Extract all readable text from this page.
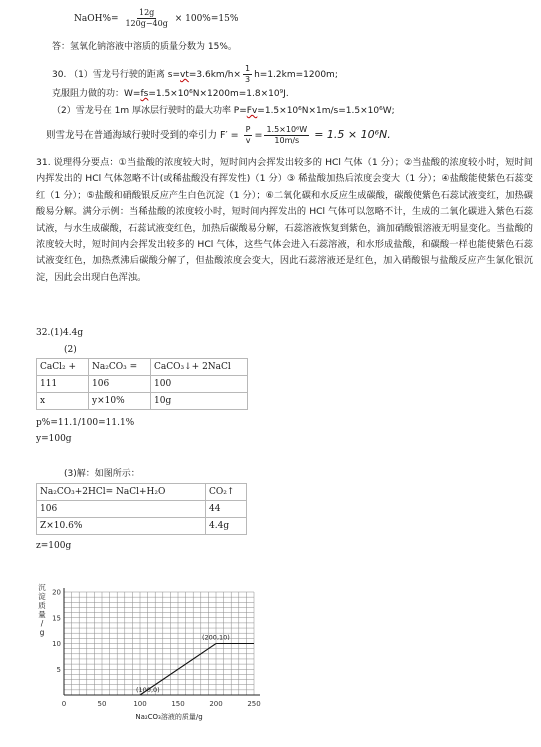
NaOH%= $\frac{12g}{120g-40g} \times 100\%=15\%$
答：氢氧化钠溶液中溶质的质量分数为 15%。
30. （1）雪龙号行驶的距离 $s=vt=3.6km/h\times \frac{1}{3} h=1.2km=1200m$;
克服阻力做的功：W=fs=1.5×10⁶N×1200m=1.8×10⁹J.
（2）雪龙号在 1m 厚冰层行驶时的最大功率 P=Fv=1.5×10⁶N×1m/s=1.5×10⁶W;
则雪龙号在普通海域行驶时受到的牵引力 $F' = \frac{P}{v} = \frac{\text{1.5×10⁶W}}{10m/s} = 1.5 \times 10^6N$.
31. 说理得分要点：①当盐酸的浓度较大时，短时间内会挥发出较多的 HCl 气体（1 分）；②当盐酸的浓度较小时，短时间内挥发出的 HCl 气体忽略不计(或稀盐酸没有挥发性)（1 分）③ 稀盐酸加热后浓度会变大（1 分）；④盐酸能使紫色石蕊变红（1 分）；⑤盐酸和硝酸银反应产生白色沉淀（1 分）；⑥二氧化碳和水反应生成碳酸，碳酸使紫色石蕊试液变红，加热碳酸易分解。满分示例：当稀盐酸的浓度较小时，短时间内挥发出的 HCl 气体可以忽略不计，生成的二氧化碳进入紫色石蕊试液，与水生成碳酸，石蕊试液变红色，加热后碳酸易分解，石蕊溶液恢复到紫色，滴加硝酸银溶液无明显变化。当盐酸的浓度较大时，短时间内会挥发出较多的 HCl 气体，这些气体会进入石蕊溶液，和水形成盐酸，和碳酸一样也能使紫色石蕊试液变红色，加热煮沸后碳酸分解了，但盐酸浓度会变大，因此石蕊溶液还是红色，加入硝酸银与盐酸反应产生氯化银沉淀，因此会出现白色浑浊。
32.(1)4.4g
(2)
CaCl₂ +	Na₂CO₃ =	CaCO₃↓+ 2NaCl
111	106	100
x	y×10%	10g
p%=11.1/100=11.1%
y=100g
(3)解：如图所示：
Na₂CO₃+2HCl= NaCl+H₂O	CO₂↑
106	44
Z×10.6%	4.4g
z=100g
0	50	100	150	200	250
5
10
15
20
(100,0)
(200,10)
Na₂CO₃溶液的质量/g
沉
淀
质
量
/
g
